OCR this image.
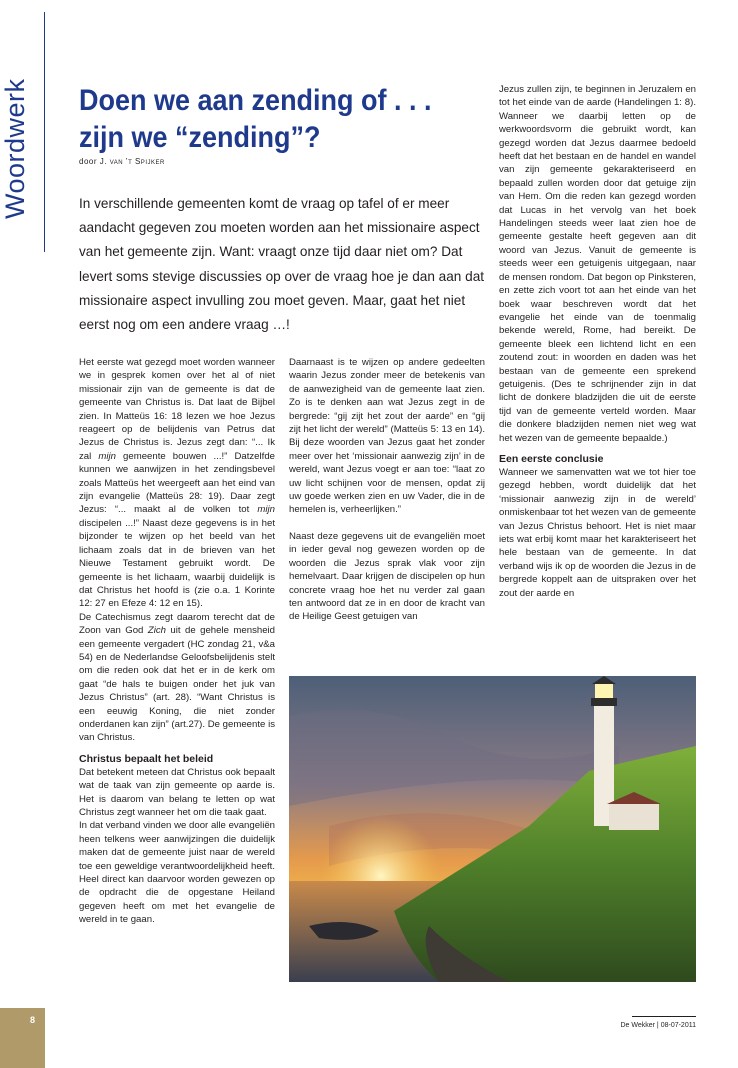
Woordwerk	Doen we aan zending of . . .
zijn we “zending”?
door J. van ’t Spijker

In verschillende gemeenten komt de vraag op tafel of er meer aandacht gegeven zou moeten worden aan het missionaire aspect van het gemeente zijn. Want: vraagt onze tijd daar niet om? Dat levert soms stevige discussies op over de vraag hoe je dan aan dat missionaire aspect invulling zou moet geven. Maar, gaat het niet eerst nog om een andere vraag …!

Het eerste wat gezegd moet worden wanneer we in gesprek komen over het al of niet missionair zijn van de gemeente is dat de gemeente van Christus is. Dat laat de Bijbel zien. In Matteüs 16: 18 lezen we hoe Jezus reageert op de belijdenis van Petrus dat Jezus de Christus is. Jezus zegt dan: “... Ik zal mijn gemeente bouwen ...!” Datzelfde kunnen we aanwijzen in het zendingsbevel zoals Matteüs het weergeeft aan het eind van zijn evangelie (Matteüs 28: 19). Daar zegt Jezus: “... maakt al de volken tot mijn discipelen ...!” Naast deze gegevens is in het bijzonder te wijzen op het beeld van het lichaam zoals dat in de brieven van het Nieuwe Testament gebruikt wordt. De gemeente is het lichaam, waarbij duidelijk is dat Christus het hoofd is (zie o.a. 1 Korinte 12: 27 en Efeze 4: 12 en 15).

De Catechismus zegt daarom terecht dat de Zoon van God Zich uit de gehele mensheid een gemeente vergadert (HC zondag 21, v&a 54) en de Nederlandse Geloofsbelijdenis stelt om die reden ook dat het er in de kerk om gaat “de hals te buigen onder het juk van Jezus Christus” (art. 28). “Want Christus is een eeuwig Koning, die niet zonder onderdanen kan zijn” (art.27). De gemeente is van Christus.

Christus bepaalt het beleid

Dat betekent meteen dat Christus ook bepaalt wat de taak van zijn gemeente op aarde is. Het is daarom van belang te letten op wat Christus zegt wanneer het om die taak gaat.

In dat verband vinden we door alle evangeliën heen telkens weer aanwijzingen die duidelijk maken dat de gemeente juist naar de wereld toe een geweldige verantwoordelijkheid heeft. Heel direct kan daarvoor worden gewezen op de opdracht die de opgestane Heiland gegeven heeft om met het evangelie de wereld in te gaan.

Daarnaast is te wijzen op andere gedeelten waarin Jezus zonder meer de betekenis van de aanwezigheid van de gemeente laat zien. Zo is te denken aan wat Jezus zegt in de bergrede: “gij zijt het zout der aarde” en “gij zijt het licht der wereld” (Matteüs 5: 13 en 14). Bij deze woorden van Jezus gaat het zonder meer over het ‘missionair aanwezig zijn’ in de wereld, want Jezus voegt er aan toe: “laat zo uw licht schijnen voor de mensen, opdat zij uw goede werken zien en uw Vader, die in de hemelen is, verheerlijken.”

Naast deze gegevens uit de evangeliën moet in ieder geval nog gewezen worden op de woorden die Jezus sprak vlak voor zijn hemelvaart. Daar krijgen de discipelen op hun concrete vraag hoe het nu verder zal gaan ten antwoord dat ze in en door de kracht van de Heilige Geest getuigen van

Jezus zullen zijn, te beginnen in Jeruzalem en tot het einde van de aarde (Handelingen 1: 8). Wanneer we daarbij letten op de werkwoordsvorm die gebruikt wordt, kan gezegd worden dat Jezus daarmee bedoeld heeft dat het bestaan en de handel en wandel van zijn gemeente gekarakteriseerd en bepaald zullen worden door dat getuige zijn van Hem. Om die reden kan gezegd worden dat Lucas in het vervolg van het boek Handelingen steeds weer laat zien hoe de gemeente gestalte heeft gegeven aan dit woord van Jezus. Vanuit de gemeente is steeds weer een getuigenis uitgegaan, naar de mensen rondom. Dat begon op Pinksteren, en zette zich voort tot aan het einde van het boek waar beschreven wordt dat het evangelie het einde van de toenmalig bekende wereld, Rome, had bereikt. De gemeente bleek een lichtend licht en een zoutend zout: in woorden en daden was het bestaan van de gemeente een sprekend getuigenis. (Des te schrijnender zijn in dat licht de donkere bladzijden die uit de eerste tijd van de gemeente verteld worden. Maar die donkere bladzijden nemen niet weg wat het wezen van de gemeente bepaalde.)

Een eerste conclusie

Wanneer we samenvatten wat we tot hier toe gezegd hebben, wordt duidelijk dat het ‘missionair aanwezig zijn in de wereld’ onmiskenbaar tot het wezen van de gemeente van Jezus Christus behoort. Het is niet maar iets wat erbij komt maar het karakteriseert het hele bestaan van de gemeente. In dat verband wijs ik op de woorden die Jezus in de bergrede koppelt aan de uitspraken over het zout der aarde en

8
De Wekker | 08-07-2011
